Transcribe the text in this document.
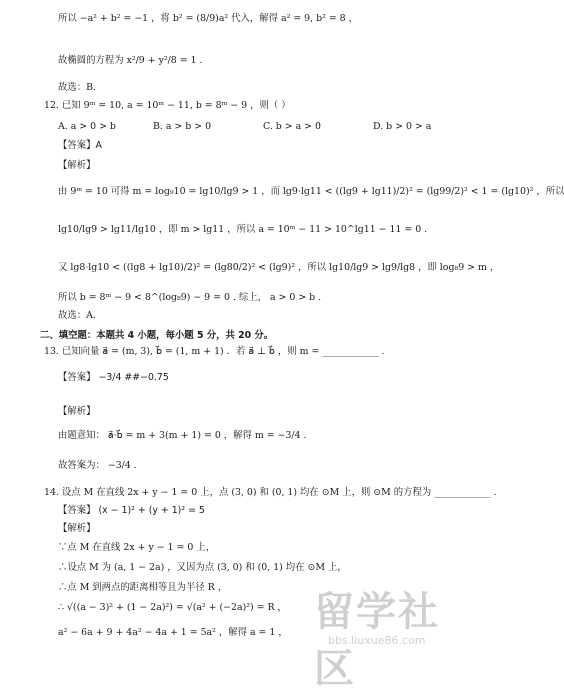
所以 −a² + b² = −1 ，将 b² = (8/9)a² 代入，解得 a² = 9, b² = 8 ，
故椭圆的方程为 x²/9 + y²/8 = 1 .
故选：B.
12. 已知 9ᵐ = 10, a = 10ᵐ − 11, b = 8ᵐ − 9 ，则（ ）
A. a > 0 > b	B. a > b > 0	C. b > a > 0	D. b > 0 > a
【答案】A
【解析】
由 9ᵐ = 10 可得 m = log₉10 = lg10/lg9 > 1 ，而 lg9·lg11 < ((lg9 + lg11)/2)² = (lg99/2)² < 1 = (lg10)² ，所以
lg10/lg9 > lg11/lg10 ，即 m > lg11 ，所以 a = 10ᵐ − 11 > 10^lg11 − 11 = 0 .
又 lg8·lg10 < ((lg8 + lg10)/2)² = (lg80/2)² < (lg9)² ，所以 lg10/lg9 > lg9/lg8 ，即 log₈9 > m ，
所以 b = 8ᵐ − 9 < 8^(log₈9) − 9 = 0 . 综上， a > 0 > b .
故选：A.
二、填空题：本题共 4 小题，每小题 5 分，共 20 分。
13. 已知向量 a⃗ = (m, 3), b⃗ = (1, m + 1) ．若 a⃗ ⊥ b⃗ ，则 m = ____________ .
【答案】 −3/4 ##−0.75
【解析】
由题意知： a⃗·b⃗ = m + 3(m + 1) = 0 ，解得 m = −3/4 .
故答案为： −3/4 .
14. 设点 M 在直线 2x + y − 1 = 0 上，点 (3, 0) 和 (0, 1) 均在 ⊙M 上，则 ⊙M 的方程为 ____________ .
【答案】 (x − 1)² + (y + 1)² = 5
【解析】
∵点 M 在直线 2x + y − 1 = 0 上，
∴设点 M 为 (a, 1 − 2a) ，又因为点 (3, 0) 和 (0, 1) 均在 ⊙M 上，
∴点 M 到两点的距离相等且为半径 R ，
∴ √((a − 3)² + (1 − 2a)²) = √(a² + (−2a)²) = R ，
a² − 6a + 9 + 4a² − 4a + 1 = 5a² ，解得 a = 1 ， 留学社区
bbs.liuxue86.com
